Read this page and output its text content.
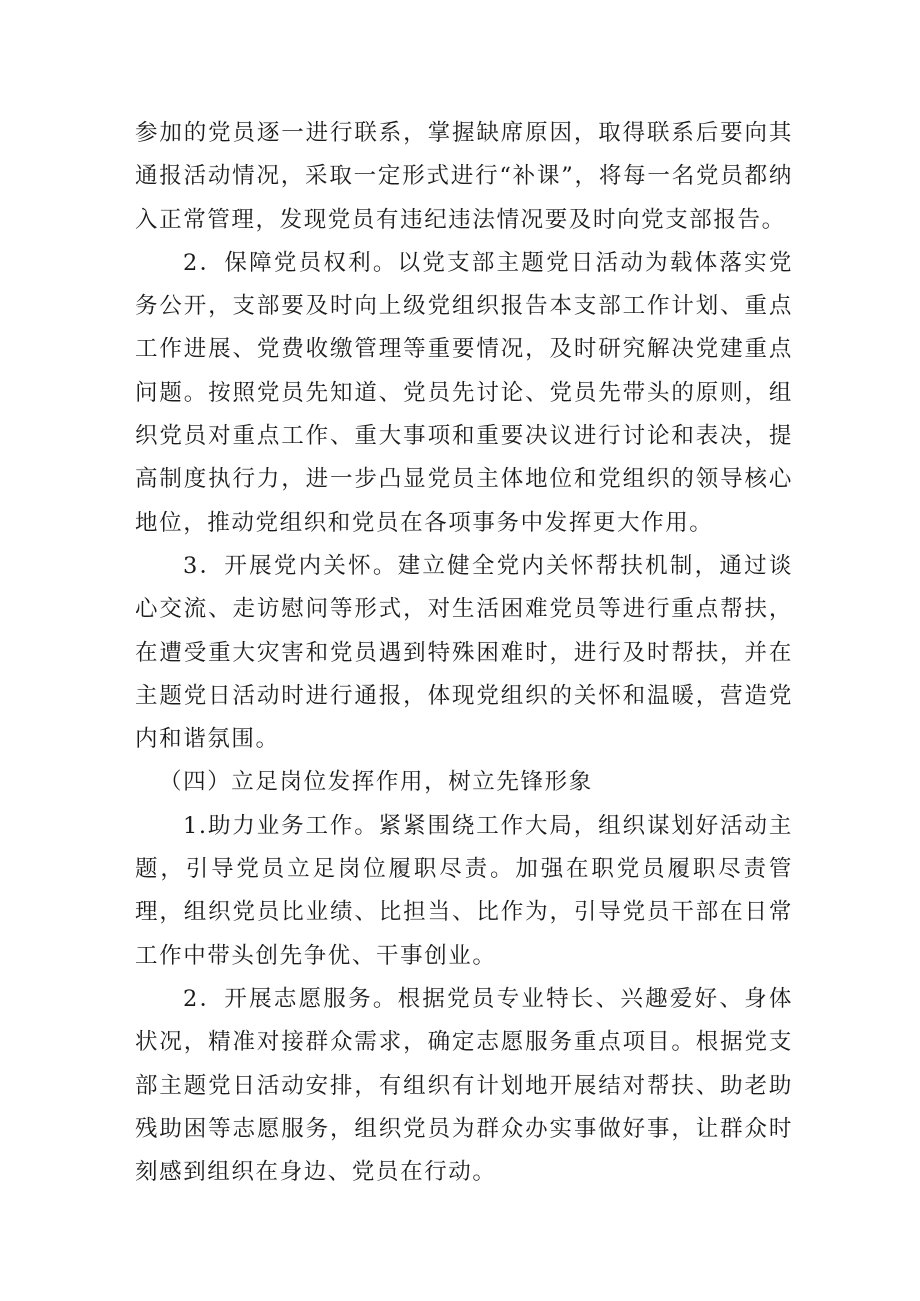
参加的党员逐一进行联系，掌握缺席原因，取得联系后要向其通报活动情况，采取一定形式进行“补课”，将每一名党员都纳入正常管理，发现党员有违纪违法情况要及时向党支部报告。

2．保障党员权利。以党支部主题党日活动为载体落实党务公开，支部要及时向上级党组织报告本支部工作计划、重点工作进展、党费收缴管理等重要情况，及时研究解决党建重点问题。按照党员先知道、党员先讨论、党员先带头的原则，组织党员对重点工作、重大事项和重要决议进行讨论和表决，提高制度执行力，进一步凸显党员主体地位和党组织的领导核心地位，推动党组织和党员在各项事务中发挥更大作用。

3．开展党内关怀。建立健全党内关怀帮扶机制，通过谈心交流、走访慰问等形式，对生活困难党员等进行重点帮扶，在遭受重大灾害和党员遇到特殊困难时，进行及时帮扶，并在主题党日活动时进行通报，体现党组织的关怀和温暖，营造党内和谐氛围。

（四）立足岗位发挥作用，树立先锋形象

1.助力业务工作。紧紧围绕工作大局，组织谋划好活动主题，引导党员立足岗位履职尽责。加强在职党员履职尽责管理，组织党员比业绩、比担当、比作为，引导党员干部在日常工作中带头创先争优、干事创业。

2．开展志愿服务。根据党员专业特长、兴趣爱好、身体状况，精准对接群众需求，确定志愿服务重点项目。根据党支部主题党日活动安排，有组织有计划地开展结对帮扶、助老助残助困等志愿服务，组织党员为群众办实事做好事，让群众时刻感到组织在身边、党员在行动。
